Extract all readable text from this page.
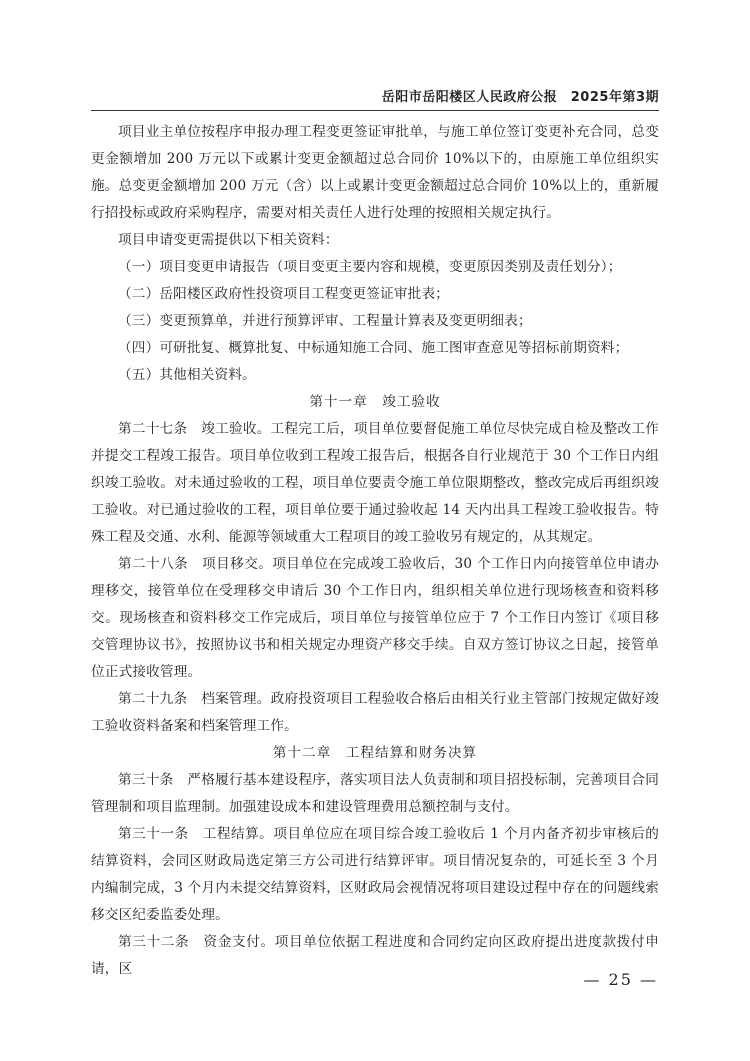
岳阳市岳阳楼区人民政府公报　2025年第3期

项目业主单位按程序申报办理工程变更签证审批单，与施工单位签订变更补充合同，总变更金额增加 200 万元以下或累计变更金额超过总合同价 10%以下的，由原施工单位组织实施。总变更金额增加 200 万元（含）以上或累计变更金额超过总合同价 10%以上的，重新履行招投标或政府采购程序，需要对相关责任人进行处理的按照相关规定执行。

项目申请变更需提供以下相关资料：

（一）项目变更申请报告（项目变更主要内容和规模，变更原因类别及责任划分）；

（二）岳阳楼区政府性投资项目工程变更签证审批表；

（三）变更预算单，并进行预算评审、工程量计算表及变更明细表；

（四）可研批复、概算批复、中标通知施工合同、施工图审查意见等招标前期资料；

（五）其他相关资料。

第十一章　竣工验收

第二十七条　竣工验收。工程完工后，项目单位要督促施工单位尽快完成自检及整改工作并提交工程竣工报告。项目单位收到工程竣工报告后，根据各自行业规范于 30 个工作日内组织竣工验收。对未通过验收的工程，项目单位要责令施工单位限期整改，整改完成后再组织竣工验收。对已通过验收的工程，项目单位要于通过验收起 14 天内出具工程竣工验收报告。特殊工程及交通、水利、能源等领域重大工程项目的竣工验收另有规定的，从其规定。

第二十八条　项目移交。项目单位在完成竣工验收后，30 个工作日内向接管单位申请办理移交，接管单位在受理移交申请后 30 个工作日内，组织相关单位进行现场核查和资料移交。现场核查和资料移交工作完成后，项目单位与接管单位应于 7 个工作日内签订《项目移交管理协议书》，按照协议书和相关规定办理资产移交手续。自双方签订协议之日起，接管单位正式接收管理。

第二十九条　档案管理。政府投资项目工程验收合格后由相关行业主管部门按规定做好竣工验收资料备案和档案管理工作。

第十二章　工程结算和财务决算

第三十条　严格履行基本建设程序，落实项目法人负责制和项目招投标制，完善项目合同管理制和项目监理制。加强建设成本和建设管理费用总额控制与支付。

第三十一条　工程结算。项目单位应在项目综合竣工验收后 1 个月内备齐初步审核后的结算资料，会同区财政局选定第三方公司进行结算评审。项目情况复杂的，可延长至 3 个月内编制完成，3 个月内未提交结算资料，区财政局会视情况将项目建设过程中存在的问题线索移交区纪委监委处理。

第三十二条　资金支付。项目单位依据工程进度和合同约定向区政府提出进度款拨付申请，区

— 25 —
